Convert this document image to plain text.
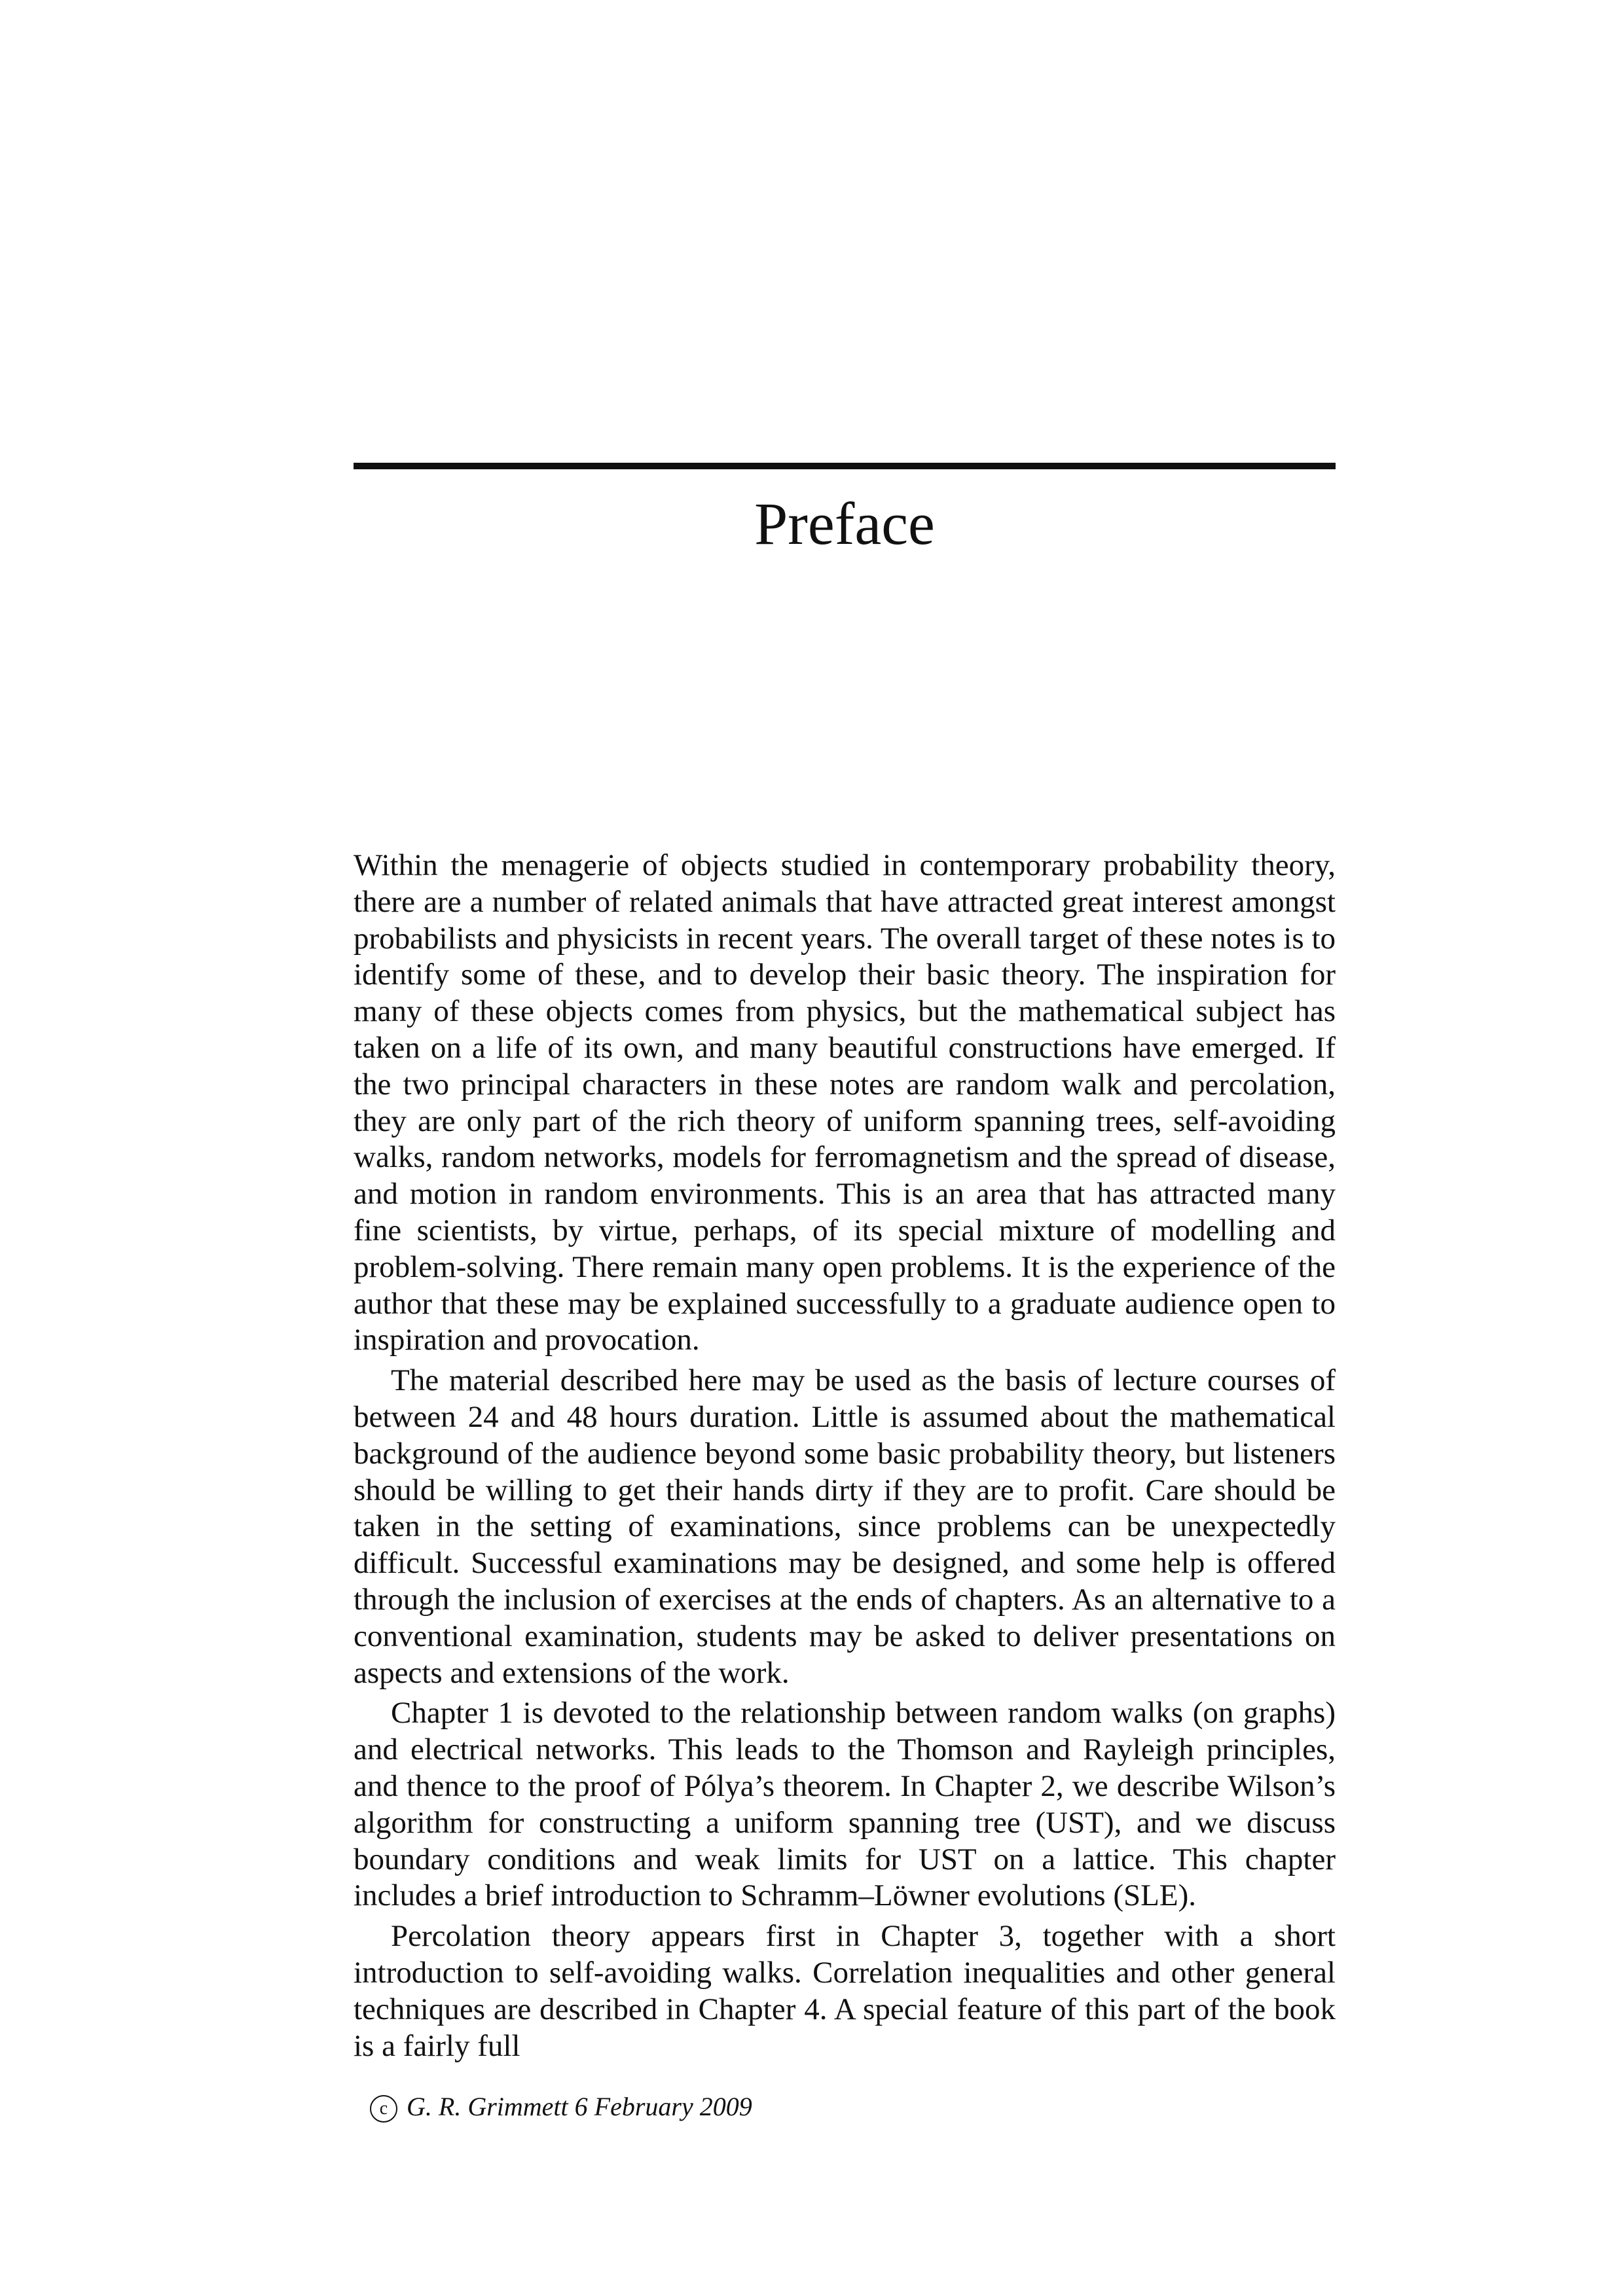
Preface

Within the menagerie of objects studied in contemporary probability theory, there are a number of related animals that have attracted great interest amongst probabilists and physicists in recent years. The overall target of these notes is to identify some of these, and to develop their basic theory. The inspiration for many of these objects comes from physics, but the mathematical subject has taken on a life of its own, and many beautiful constructions have emerged. If the two principal characters in these notes are random walk and percolation, they are only part of the rich theory of uniform spanning trees, self-avoiding walks, random networks, models for ferromagnetism and the spread of disease, and motion in random environments. This is an area that has attracted many fine scientists, by virtue, perhaps, of its special mixture of modelling and problem-solving. There remain many open problems. It is the experience of the author that these may be explained successfully to a graduate audience open to inspiration and provocation.

The material described here may be used as the basis of lecture courses of between 24 and 48 hours duration. Little is assumed about the mathematical background of the audience beyond some basic probability theory, but listeners should be willing to get their hands dirty if they are to profit. Care should be taken in the setting of examinations, since problems can be unexpectedly difficult. Successful examinations may be designed, and some help is offered through the inclusion of exercises at the ends of chapters. As an alternative to a conventional examination, students may be asked to deliver presentations on aspects and extensions of the work.

Chapter 1 is devoted to the relationship between random walks (on graphs) and electrical networks. This leads to the Thomson and Rayleigh principles, and thence to the proof of Pólya’s theorem. In Chapter 2, we describe Wilson’s algorithm for constructing a uniform spanning tree (UST), and we discuss boundary conditions and weak limits for UST on a lattice. This chapter includes a brief introduction to Schramm–Löwner evolutions (SLE).

Percolation theory appears first in Chapter 3, together with a short introduction to self-avoiding walks. Correlation inequalities and other general techniques are described in Chapter 4. A special feature of this part of the book is a fairly full

c G. R. Grimmett 6 February 2009
